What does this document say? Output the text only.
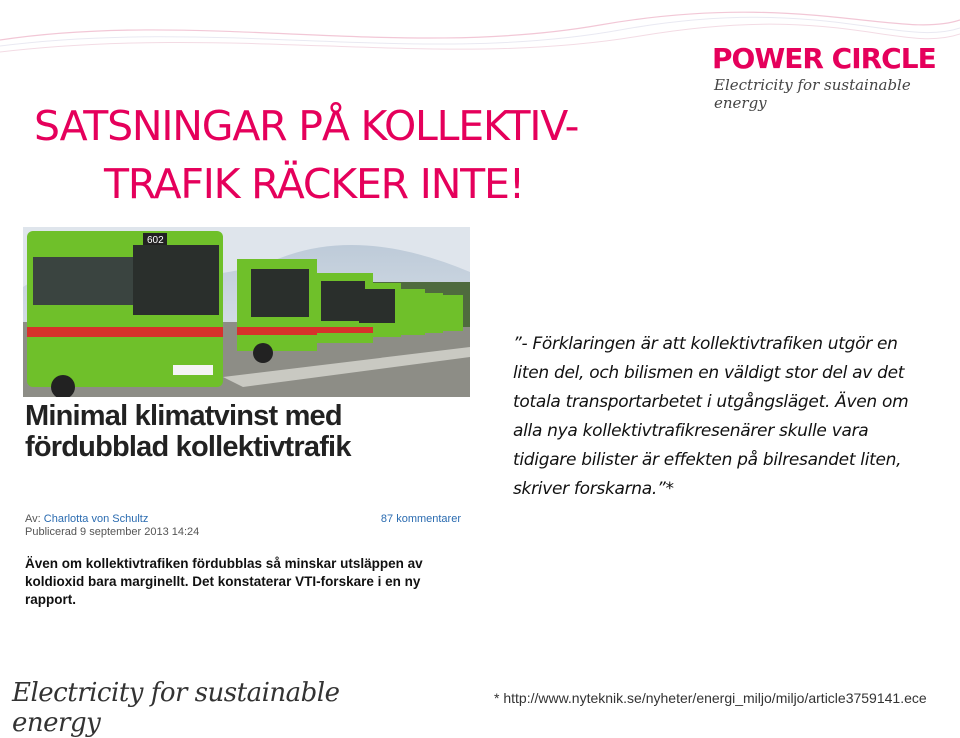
SATSNINGAR PÅ KOLLEKTIV-
TRAFIK RÄCKER INTE!
POWER CIRCLE
Electricity for sustainable energy
602
Minimal klimatvinst med fördubblad kollektivtrafik
Av: Charlotta von Schultz
Publicerad 9 september 2013 14:24
87 kommentarer
Även om kollektivtrafiken fördubblas så minskar utsläppen av koldioxid bara marginellt. Det konstaterar VTI-forskare i en ny rapport.
”- Förklaringen är att kollektivtrafiken utgör en liten del, och bilismen en väldigt stor del av det totala transportarbetet i utgångsläget. Även om alla nya kollektivtrafikresenärer skulle vara tidigare bilister är effekten på bilresandet liten, skriver forskarna.”*
Electricity for sustainable energy
* http://www.nyteknik.se/nyheter/energi_miljo/miljo/article3759141.ece
